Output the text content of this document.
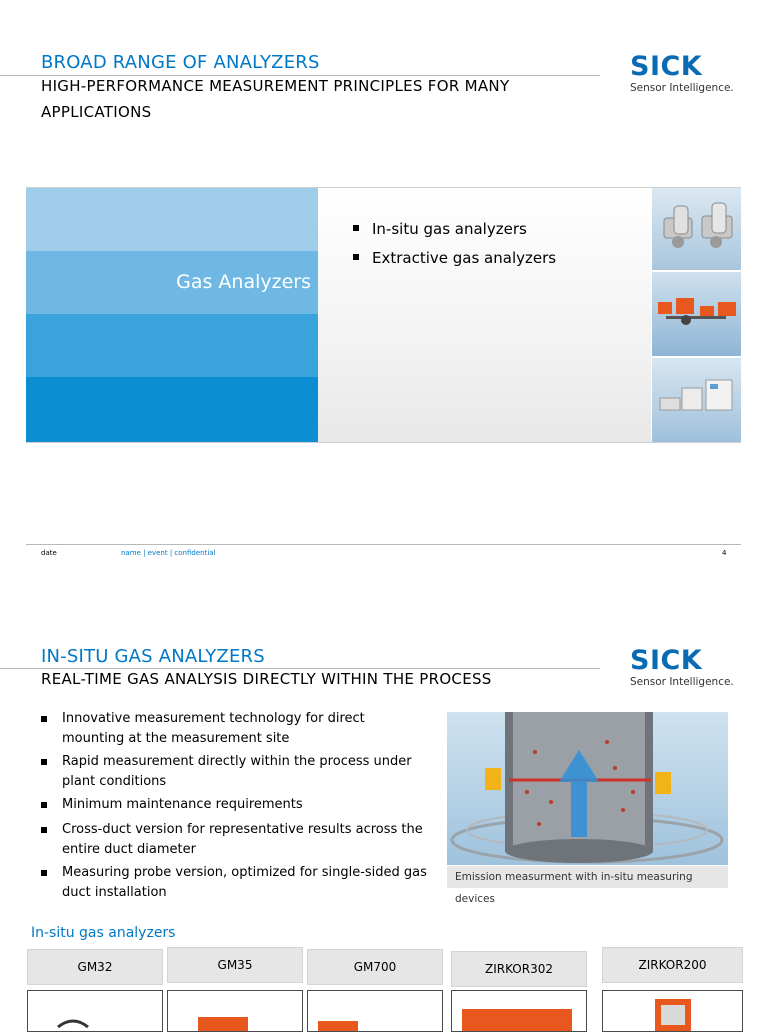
BROAD RANGE OF ANALYZERS
HIGH-PERFORMANCE MEASUREMENT PRINCIPLES FOR MANY APPLICATIONS
SICK
Sensor Intelligence.
Gas Analyzers
In-situ gas analyzers
Extractive gas analyzers
date	name | event | confidential	4
IN-SITU GAS ANALYZERS
REAL-TIME GAS ANALYSIS DIRECTLY WITHIN THE PROCESS
SICK
Sensor Intelligence.
Innovative measurement technology for direct mounting at the measurement site
Rapid measurement directly within the process under plant conditions
Minimum maintenance requirements
Cross-duct version for representative results across the entire duct diameter
Measuring probe version, optimized for single-sided gas duct installation
Emission measurment with in-situ measuring devices
In-situ gas analyzers
GM32	GM35	GM700	ZIRKOR302	ZIRKOR200
